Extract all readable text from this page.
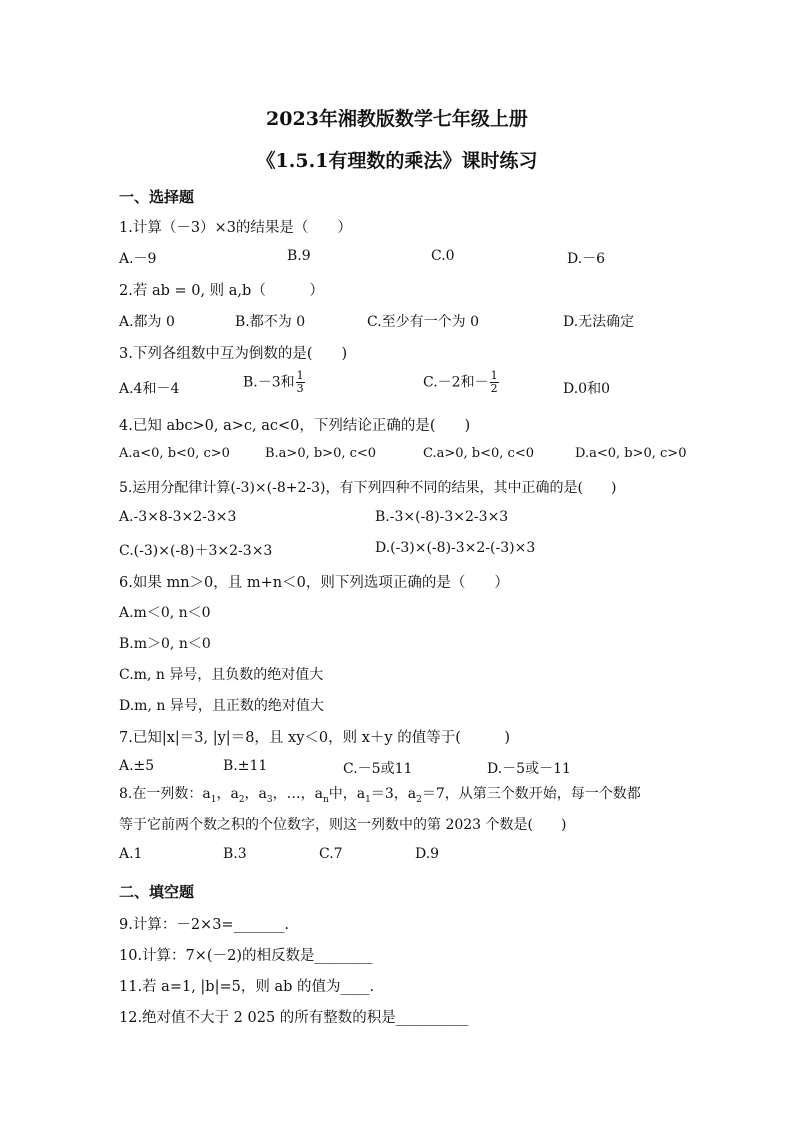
2023年湘教版数学七年级上册
《1.5.1有理数的乘法》课时练习
一、选择题
1.计算（－3）×3的结果是（　　）
A.－9	B.9	C.0	D.－6
2.若 ab = 0, 则 a,b（　　　）
A.都为 0	B.都不为 0	C.至少有一个为 0	D.无法确定
3.下列各组数中互为倒数的是(　　)
A.4和－4	B.－3和 $\frac{1}{3}$	C.－2和－ $\frac{1}{2}$	D.0和0
4.已知 abc>0, a>c, ac<0，下列结论正确的是(　　)
A.a<0, b<0, c>0	B.a>0, b>0, c<0	C.a>0, b<0, c<0	D.a<0, b>0, c>0
5.运用分配律计算(-3)×(-8+2-3)，有下列四种不同的结果，其中正确的是(　　)
A.-3×8-3×2-3×3	B.-3×(-8)-3×2-3×3
C.(-3)×(-8)＋3×2-3×3	D.(-3)×(-8)-3×2-(-3)×3
6.如果 mn＞0，且 m+n＜0，则下列选项正确的是（　　）
A.m＜0, n＜0
B.m＞0, n＜0
C.m, n 异号，且负数的绝对值大
D.m, n 异号，且正数的绝对值大
7.已知|x|＝3, |y|＝8，且 xy＜0，则 x＋y 的值等于(　　　)
A.±5	B.±11	C.－5或11	D.－5或－11
8.在一列数：$a_1$，$a_2$，$a_3$，…，$a_n$中，$a_1=3$，$a_2=7$，从第三个数开始，每一个数都
等于它前两个数之积的个位数字，则这一列数中的第 2023 个数是(　　)
A.1	B.3	C.7	D.9
二、填空题
9.计算：－2×3=_______.
10.计算：7×(－2)的相反数是________
11.若 a=1, |b|=5，则 ab 的值为____.
12.绝对值不大于 2 025 的所有整数的积是__________
